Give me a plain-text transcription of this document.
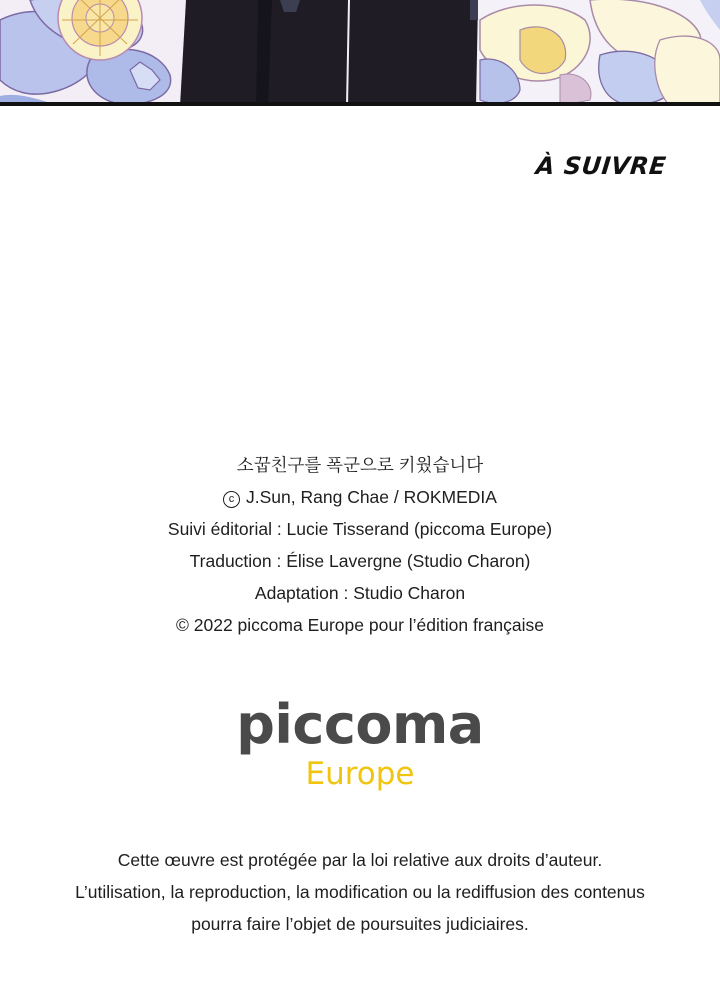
À SUIVRE
소꿉친구를 폭군으로 키웠습니다
c J.Sun, Rang Chae / ROKMEDIA
Suivi éditorial : Lucie Tisserand (piccoma Europe)
Traduction : Élise Lavergne (Studio Charon)
Adaptation : Studio Charon
© 2022 piccoma Europe pour l’édition française
piccoma
Europe
Cette œuvre est protégée par la loi relative aux droits d’auteur.
L’utilisation, la reproduction, la modification ou la rediffusion des contenus
pourra faire l’objet de poursuites judiciaires.
